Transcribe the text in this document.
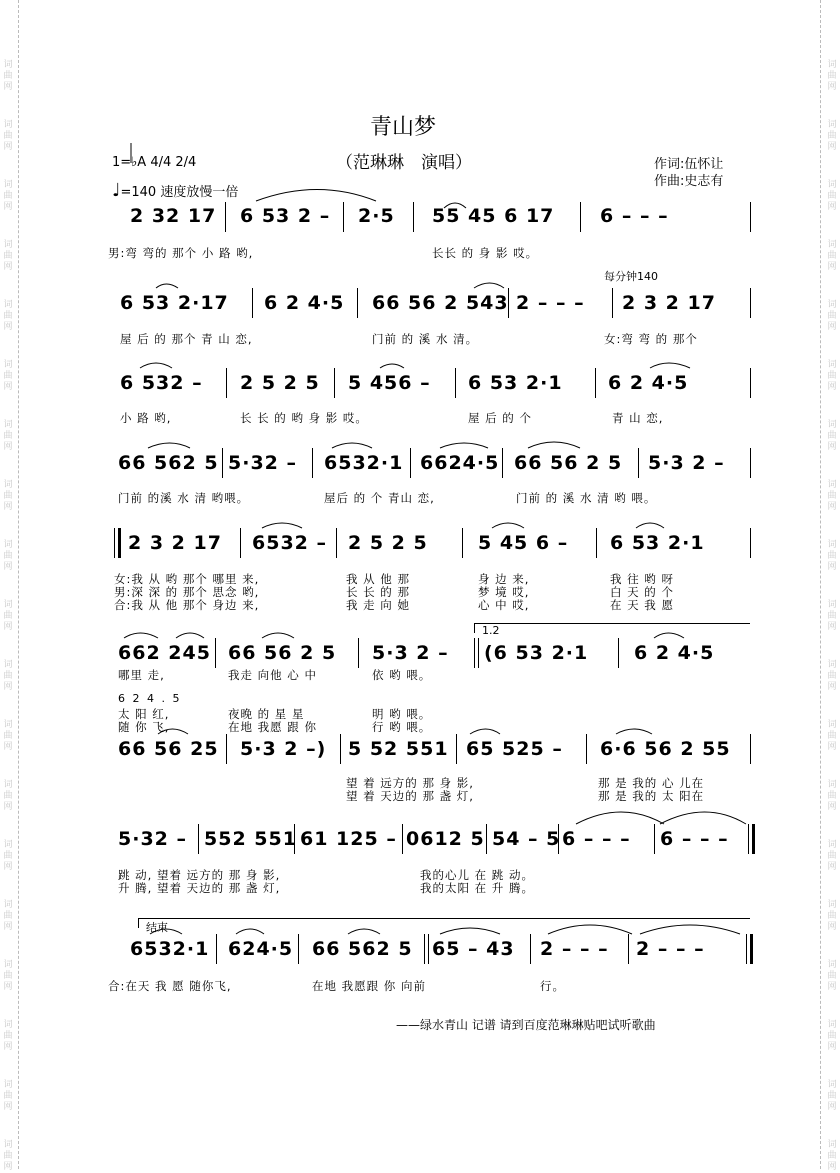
词曲网
词曲网
词曲网
词曲网
词曲网
词曲网
词曲网
词曲网
词曲网
词曲网
词曲网
词曲网
词曲网
词曲网
词曲网
词曲网
词曲网
词曲网
词曲网
词曲网
词曲网
词曲网
词曲网
词曲网
词曲网
词曲网
词曲网
词曲网
词曲网
词曲网
词曲网
词曲网
词曲网
词曲网
词曲网
词曲网
词曲网
词曲网
青山梦
（范琳琳　演唱）
1=♭A 4/4 2/4
♩=140 速度放慢一倍
作词:伍怀让
作曲:史志有
2 32 17 6 53 2 – 2·5 55 45 6 17 6 – – –
男:弯 弯的 那个 小 路 哟,	长长 的 身 影 哎。
每分钟140
6 53 2·17 6 2 4·5 66 56 2 543 2 – – – 2 3 2 17
屋 后 的 那个 青 山 恋,	门前 的 溪 水 清。	女:弯 弯 的 那个
6 532 – 2 5 2 5 5 456 – 6 53 2·1 6 2 4·5
小 路 哟,	长 长 的 哟 身 影 哎。	屋 后 的 个	青 山 恋,
66 562 5 5·32 – 6532·1 6624·5 66 56 2 5 5·3 2 –
门前 的溪 水 清 哟喂。	屋后 的 个 青山 恋,	门前 的 溪 水 清 哟 喂。
2 3 2 17 6532 – 2 5 2 5	5 45 6 – 6 53 2·1
女:我 从 哟 那个 哪里 来,	我 从 他 那	身 边 来,	我 往 哟 呀
男:深 深 的 那个 思念 哟,	长 长 的 那	梦 境 哎,	白 天 的 个
合:我 从 他 那个 身边 来,	我 走 向 她	心 中 哎,	在 天 我 愿
1.2
662 245 66 56 2 5 5·3 2 – (6 53 2·1 6 2 4·5
哪里 走,	我走 向他 心 中	依 哟 喂。
6 2 4 . 5
太 阳 红,	夜晚 的 星 星	明 哟 喂。
随 你 飞,	在地 我愿 跟 你	行 哟 喂。
66 56 25 5·3 2 –) 5 52 551 65 525 – 6·6 56 2 55
望 着 远方的 那 身 影,	那 是 我的 心 儿在
望 着 天边的 那 盏 灯,	那 是 我的 太 阳在
5·32 – 552 551 61 125 – 0612 5 54 – 5 6 – – – 6 – – –
跳 动, 望着 远方的 那 身 影,	我的心儿 在 跳 动。
升 腾, 望着 天边的 那 盏 灯,	我的太阳 在 升 腾。
结束
6532·1 624·5 66 562 5 65 – 43 2 – – – 2 – – –
合:在天 我 愿 随你飞,	在地 我愿跟 你 向前	行。
——绿水青山 记谱 请到百度范琳琳贴吧试听歌曲
